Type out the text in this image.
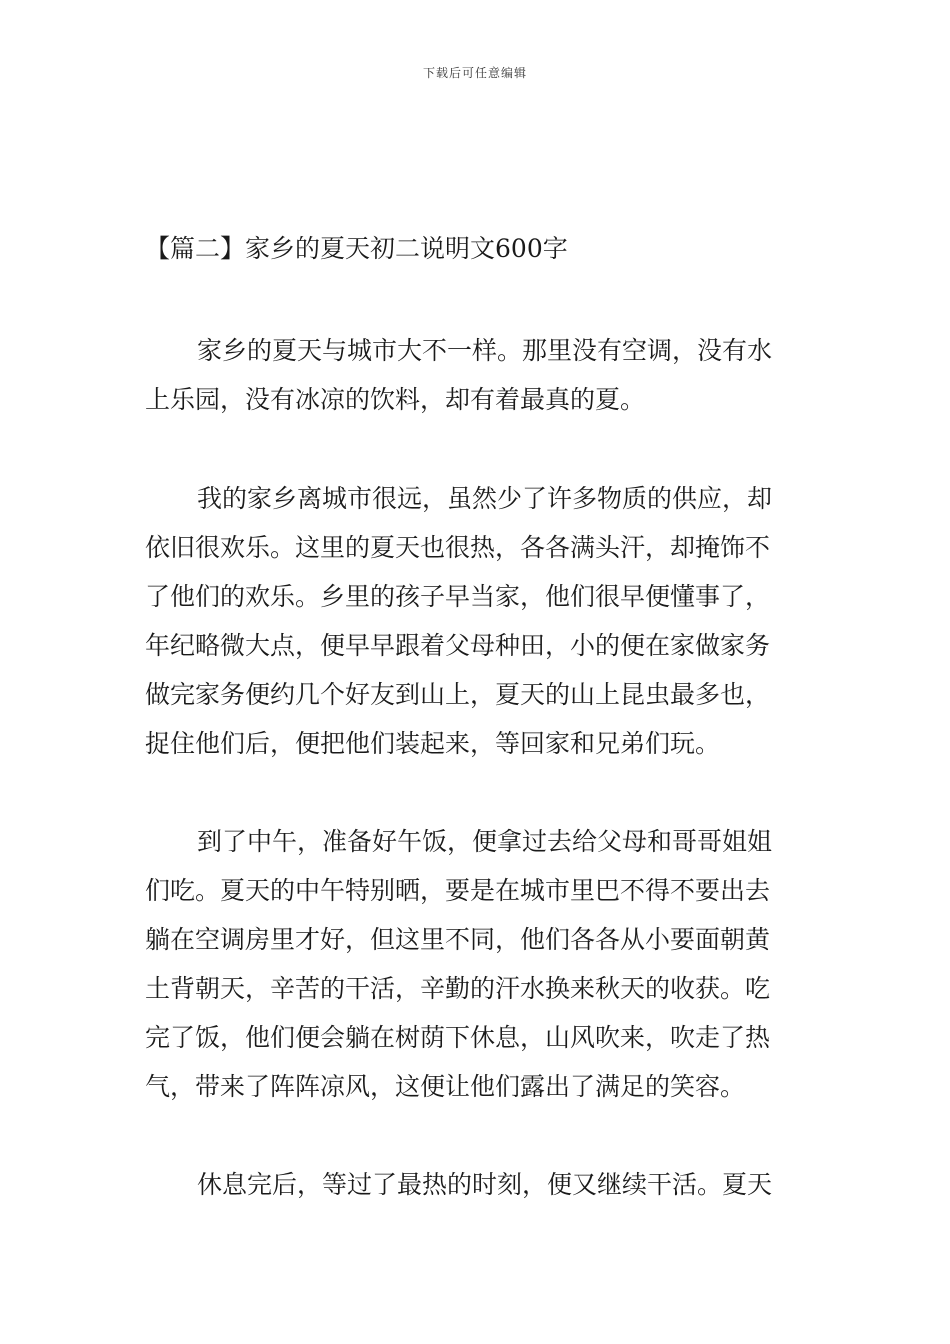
下载后可任意编辑
【篇二】家乡的夏天初二说明文600字

家乡的夏天与城市大不一样。那里没有空调，没有水
上乐园，没有冰凉的饮料，却有着最真的夏。

我的家乡离城市很远，虽然少了许多物质的供应，却
依旧很欢乐。这里的夏天也很热，各各满头汗，却掩饰不
了他们的欢乐。乡里的孩子早当家，他们很早便懂事了，
年纪略微大点，便早早跟着父母种田，小的便在家做家务
做完家务便约几个好友到山上，夏天的山上昆虫最多也，
捉住他们后，便把他们装起来，等回家和兄弟们玩。

到了中午，准备好午饭，便拿过去给父母和哥哥姐姐
们吃。夏天的中午特别晒，要是在城市里巴不得不要出去
躺在空调房里才好，但这里不同，他们各各从小要面朝黄
土背朝天，辛苦的干活，辛勤的汗水换来秋天的收获。吃
完了饭，他们便会躺在树荫下休息，山风吹来，吹走了热
气，带来了阵阵凉风，这便让他们露出了满足的笑容。

休息完后，等过了最热的时刻，便又继续干活。夏天
